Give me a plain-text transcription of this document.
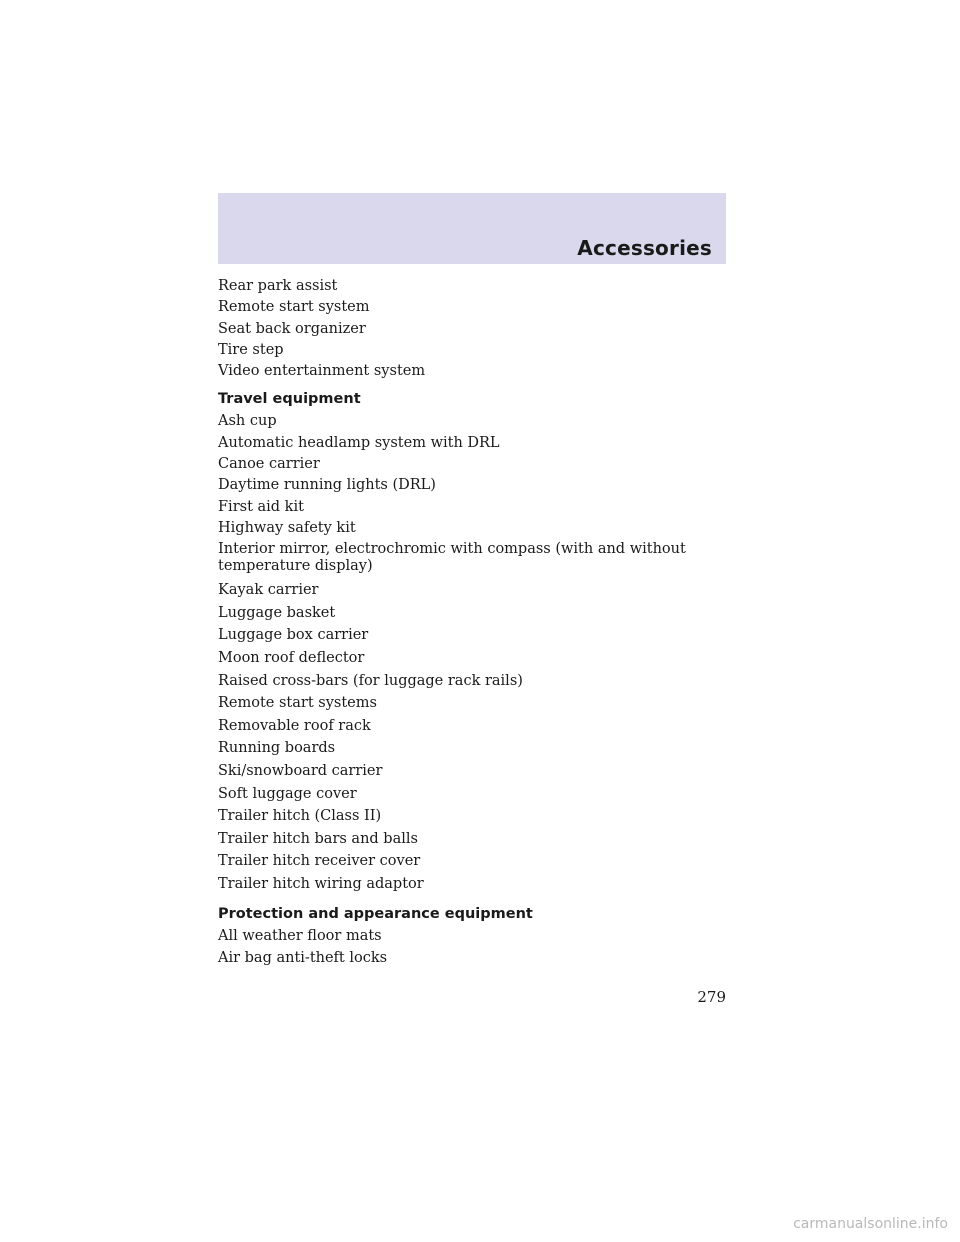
Accessories

Rear park assist

Remote start system

Seat back organizer

Tire step

Video entertainment system

Travel equipment

Ash cup

Automatic headlamp system with DRL

Canoe carrier

Daytime running lights (DRL)

First aid kit

Highway safety kit

Interior mirror, electrochromic with compass (with and without
temperature display)

Kayak carrier

Luggage basket

Luggage box carrier

Moon roof deflector

Raised cross-bars (for luggage rack rails)

Remote start systems

Removable roof rack

Running boards

Ski/snowboard carrier

Soft luggage cover

Trailer hitch (Class II)

Trailer hitch bars and balls

Trailer hitch receiver cover

Trailer hitch wiring adaptor

Protection and appearance equipment

All weather floor mats

Air bag anti-theft locks

279
carmanualsonline.info
